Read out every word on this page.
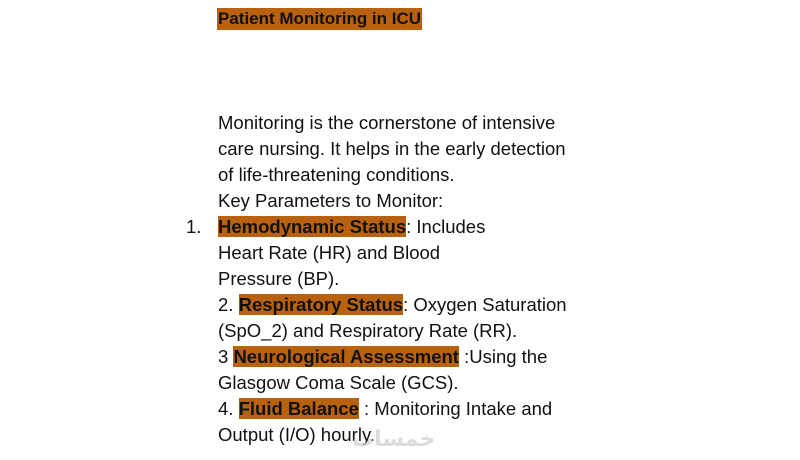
Patient Monitoring in ICU

Monitoring is the cornerstone of intensive

care nursing. It helps in the early detection

of life-threatening conditions.

Key Parameters to Monitor:

1. Hemodynamic Status: Includes

Heart Rate (HR) and Blood

Pressure (BP).

2. Respiratory Status: Oxygen Saturation

(SpO_2) and Respiratory Rate (RR).

3 Neurological Assessment :Using the

Glasgow Coma Scale (GCS).

4. Fluid Balance : Monitoring Intake and

Output (I/O) hourly.

خمسات
